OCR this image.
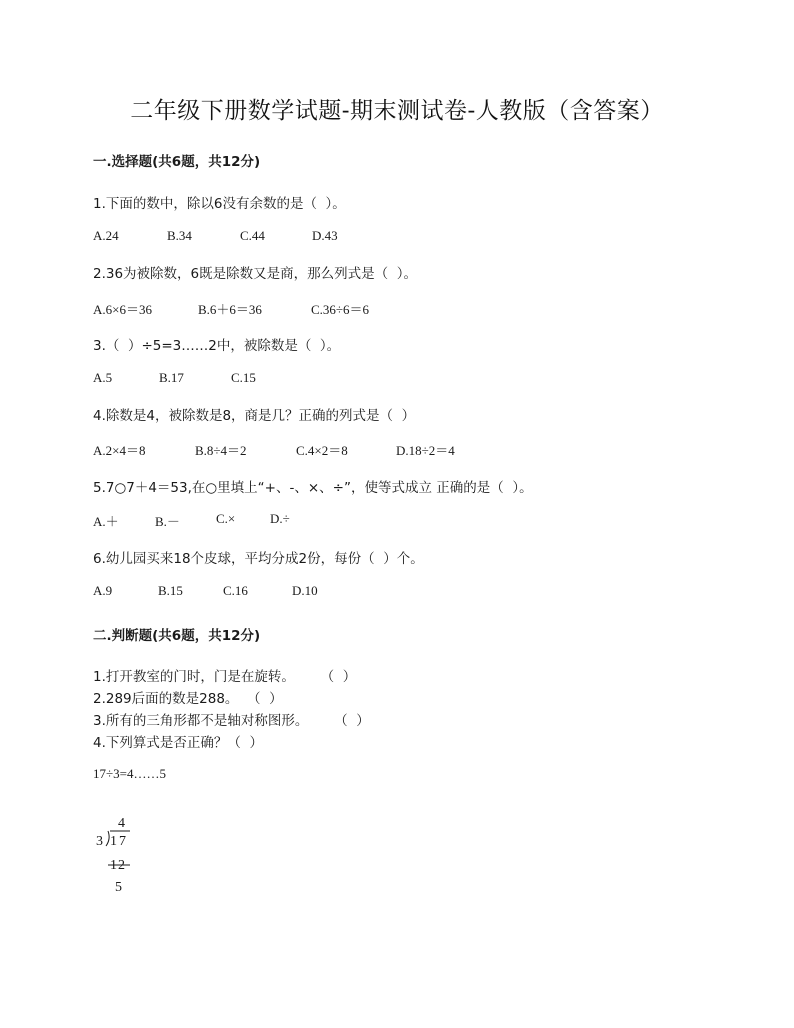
二年级下册数学试题-期末测试卷-人教版（含答案）
一.选择题(共6题，共12分)
1.下面的数中，除以6没有余数的是（  ）。
A.24	B.34	C.44	D.43
2.36为被除数，6既是除数又是商，那么列式是（  ）。
A.6×6＝36	B.6＋6＝36	C.36÷6＝6
3.（  ）÷5=3……2中，被除数是（  ）。
A.5	B.17	C.15
4.除数是4，被除数是8，商是几？正确的列式是（  ）
A.2×4＝8	B.8÷4＝2	C.4×2＝8	D.18÷2＝4
5.7○7＋4＝53,在○里填上“+、-、×、÷”，使等式成立 正确的是（  ）。
A.＋	B.－	C.×	D.÷
6.幼儿园买来18个皮球，平均分成2份，每份（  ）个。
A.9	B.15	C.16	D.10
二.判断题(共6题，共12分)
1.打开教室的门时，门是在旋转。      （  ）
2.289后面的数是288。  （  ）
3.所有的三角形都不是轴对称图形。      （  ）
4.下列算式是否正确？（  ）
17÷3=4……5
4
3 17
12
5
